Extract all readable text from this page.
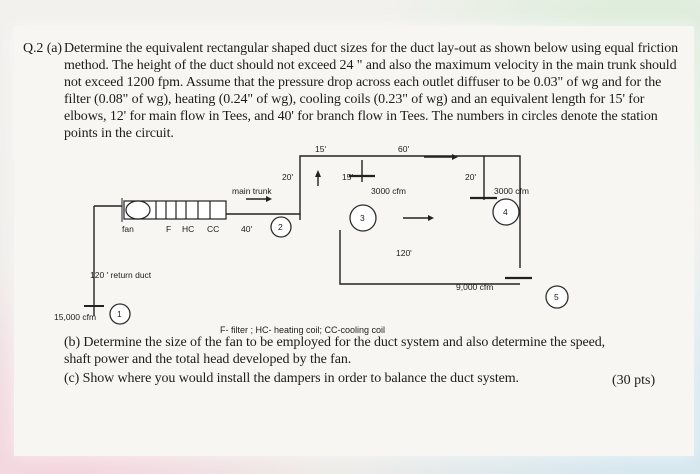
Q.2 (a) Determine the equivalent rectangular shaped duct sizes for the duct lay-out as shown below using equal friction method. The height of the duct should not exceed 24 " and also the maximum velocity in the main trunk should not exceed 1200 fpm. Assume that the pressure drop across each outlet diffuser to be 0.03" of wg and for the filter (0.08" of wg), heating (0.24" of wg), cooling coils (0.23" of wg) and an equivalent length for 15' for elbows, 12' for main flow in Tees, and 40' for branch flow in Tees. The numbers in circles denote the station points in the circuit.
15'	60'
20'	15'	20'
main trunk	3000 cfm	3000 cfm
fan	F HC CC	40'
120'
120 ' return duct
9,000 cfm
15,000 cfm 1
2
3
4
5
F- filter ; HC- heating coil; CC-cooling coil
(b) Determine the size of the fan to be employed for the duct system and also determine the speed, shaft power and the total head developed by the fan.
(c) Show where you would install the dampers in order to balance the duct system.	(30 pts)
